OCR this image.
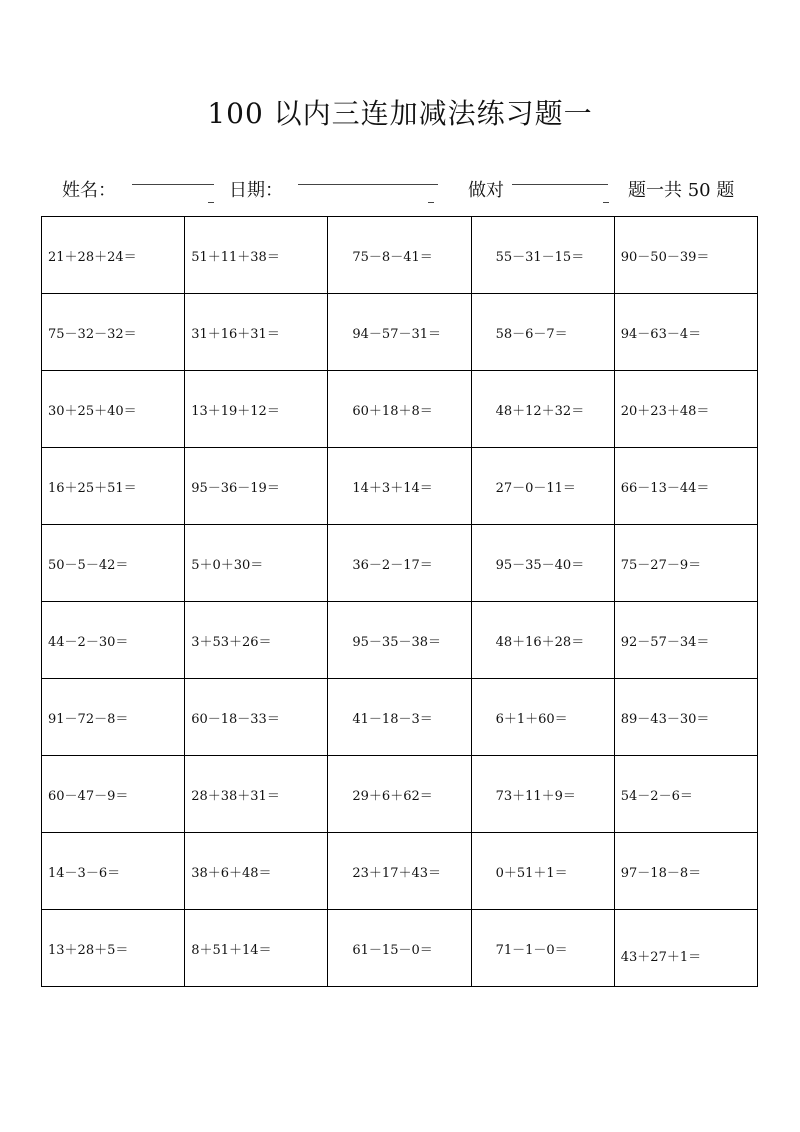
100 以内三连加减法练习题一
姓名：	日期：	做对	题一共 50 题
21＋28＋24＝	51＋11＋38＝	75－8－41＝	55－31－15＝	90－50－39＝
75－32－32＝	31＋16＋31＝	94－57－31＝	58－6－7＝	94－63－4＝
30＋25＋40＝	13＋19＋12＝	60＋18＋8＝	48＋12＋32＝	20＋23＋48＝
16＋25＋51＝	95－36－19＝	14＋3＋14＝	27－0－11＝	66－13－44＝
50－5－42＝	5＋0＋30＝	36－2－17＝	95－35－40＝	75－27－9＝
44－2－30＝	3＋53＋26＝	95－35－38＝	48＋16＋28＝	92－57－34＝
91－72－8＝	60－18－33＝	41－18－3＝	6＋1＋60＝	89－43－30＝
60－47－9＝	28＋38＋31＝	29＋6＋62＝	73＋11＋9＝	54－2－6＝
14－3－6＝	38＋6＋48＝	23＋17＋43＝	0＋51＋1＝	97－18－8＝
13＋28＋5＝	8＋51＋14＝	61－15－0＝	71－1－0＝	43＋27＋1＝
